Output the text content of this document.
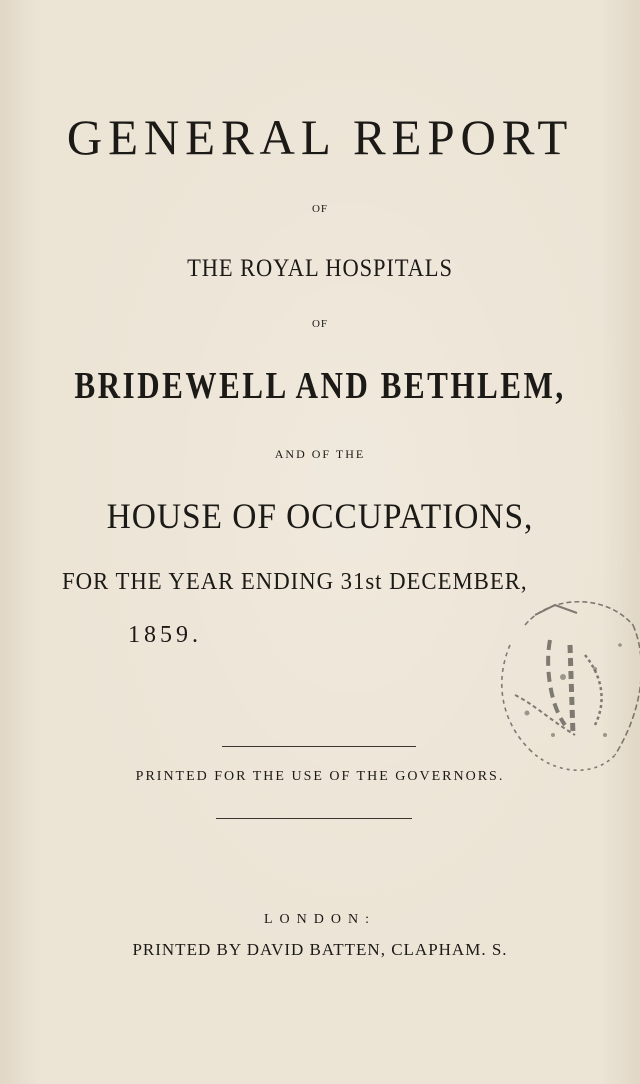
GENERAL REPORT
OF
THE ROYAL HOSPITALS
OF
BRIDEWELL AND BETHLEM,
AND OF THE
HOUSE OF OCCUPATIONS,
FOR THE YEAR ENDING 31st DECEMBER,
1859.
PRINTED FOR THE USE OF THE GOVERNORS.
LONDON:
PRINTED BY DAVID BATTEN, CLAPHAM. S.
